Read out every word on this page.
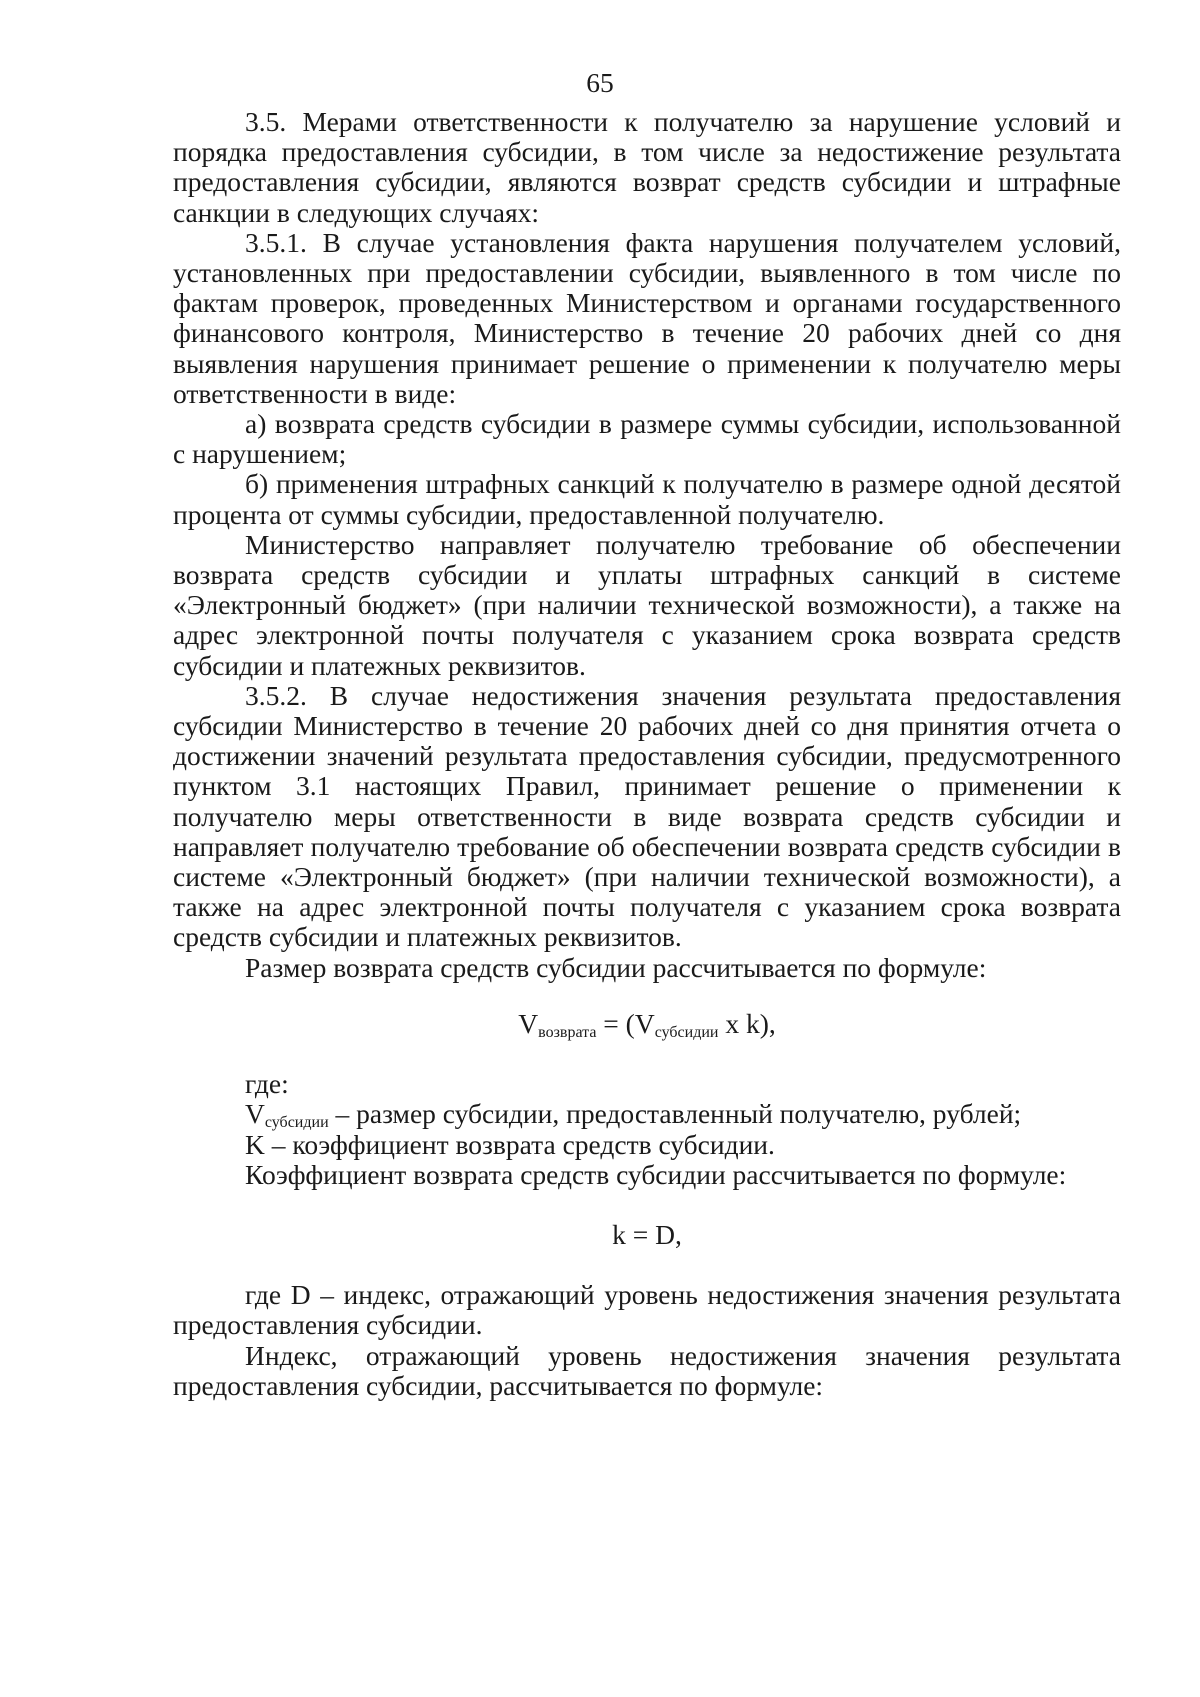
65

3.5. Мерами ответственности к получателю за нарушение условий и порядка предоставления субсидии, в том числе за недостижение результата предоставления субсидии, являются возврат средств субсидии и штрафные санкции в следующих случаях:

3.5.1. В случае установления факта нарушения получателем условий, установленных при предоставлении субсидии, выявленного в том числе по фактам проверок, проведенных Министерством и органами государственного финансового контроля, Министерство в течение 20 рабочих дней со дня выявления нарушения принимает решение о применении к получателю меры ответственности в виде:

а) возврата средств субсидии в размере суммы субсидии, использованной с нарушением;

б) применения штрафных санкций к получателю в размере одной десятой процента от суммы субсидии, предоставленной получателю.

Министерство направляет получателю требование об обеспечении возврата средств субсидии и уплаты штрафных санкций в системе «Электронный бюджет» (при наличии технической возможности), а также на адрес электронной почты получателя с указанием срока возврата средств субсидии и платежных реквизитов.

3.5.2. В случае недостижения значения результата предоставления субсидии Министерство в течение 20 рабочих дней со дня принятия отчета о достижении значений результата предоставления субсидии, предусмотренного пунктом 3.1 настоящих Правил, принимает решение о применении к получателю меры ответственности в виде возврата средств субсидии и направляет получателю требование об обеспечении возврата средств субсидии в системе «Электронный бюджет» (при наличии технической возможности), а также на адрес электронной почты получателя с указанием срока возврата средств субсидии и платежных реквизитов.

Размер возврата средств субсидии рассчитывается по формуле:

$V_{возврата} = (V_{субсидии}$ x k),

где:

$V_{субсидии}$ – размер субсидии, предоставленный получателю, рублей;

K – коэффициент возврата средств субсидии.

Коэффициент возврата средств субсидии рассчитывается по формуле:

k = D,

где D – индекс, отражающий уровень недостижения значения результата предоставления субсидии.

Индекс, отражающий уровень недостижения значения результата предоставления субсидии, рассчитывается по формуле:
